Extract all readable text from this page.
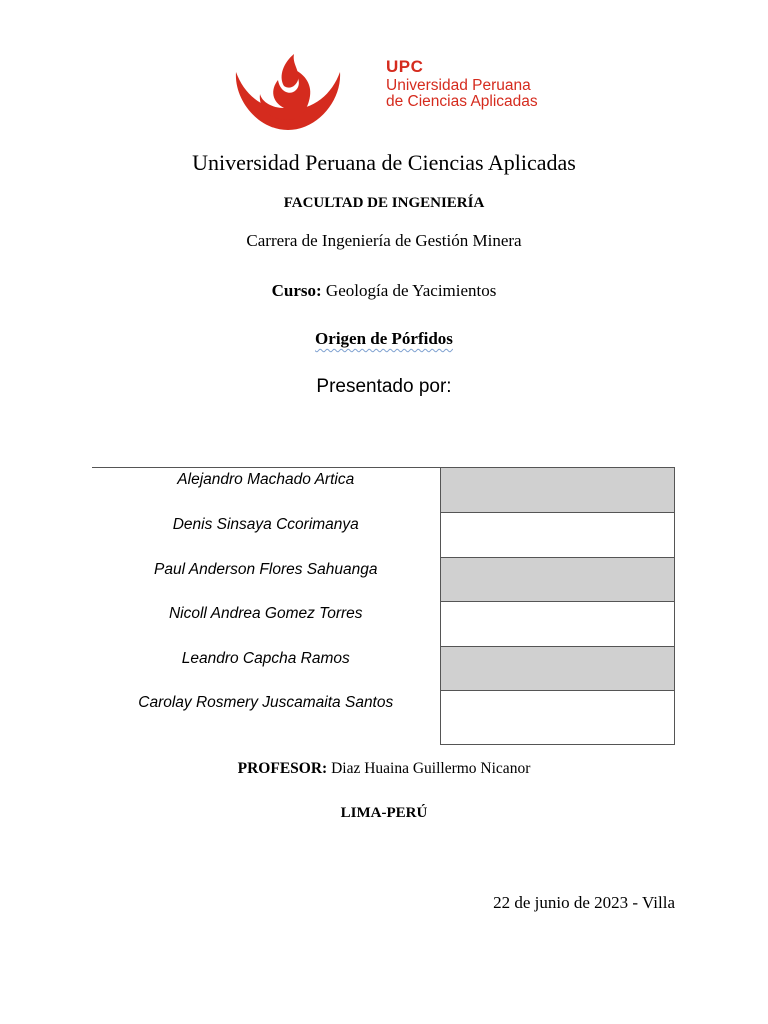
UPC
Universidad Peruana
de Ciencias Aplicadas
Universidad Peruana de Ciencias Aplicadas
FACULTAD DE INGENIERÍA
Carrera de Ingeniería de Gestión Minera
Curso: Geología de Yacimientos
Origen de Pórfidos
Presentado por:
Alejandro Machado Artica	
Denis Sinsaya Ccorimanya	
Paul Anderson Flores Sahuanga	
Nicoll Andrea Gomez Torres	
Leandro Capcha Ramos	
Carolay Rosmery Juscamaita Santos	
PROFESOR: Diaz Huaina Guillermo Nicanor
LIMA-PERÚ
22 de junio de 2023 - Villa
